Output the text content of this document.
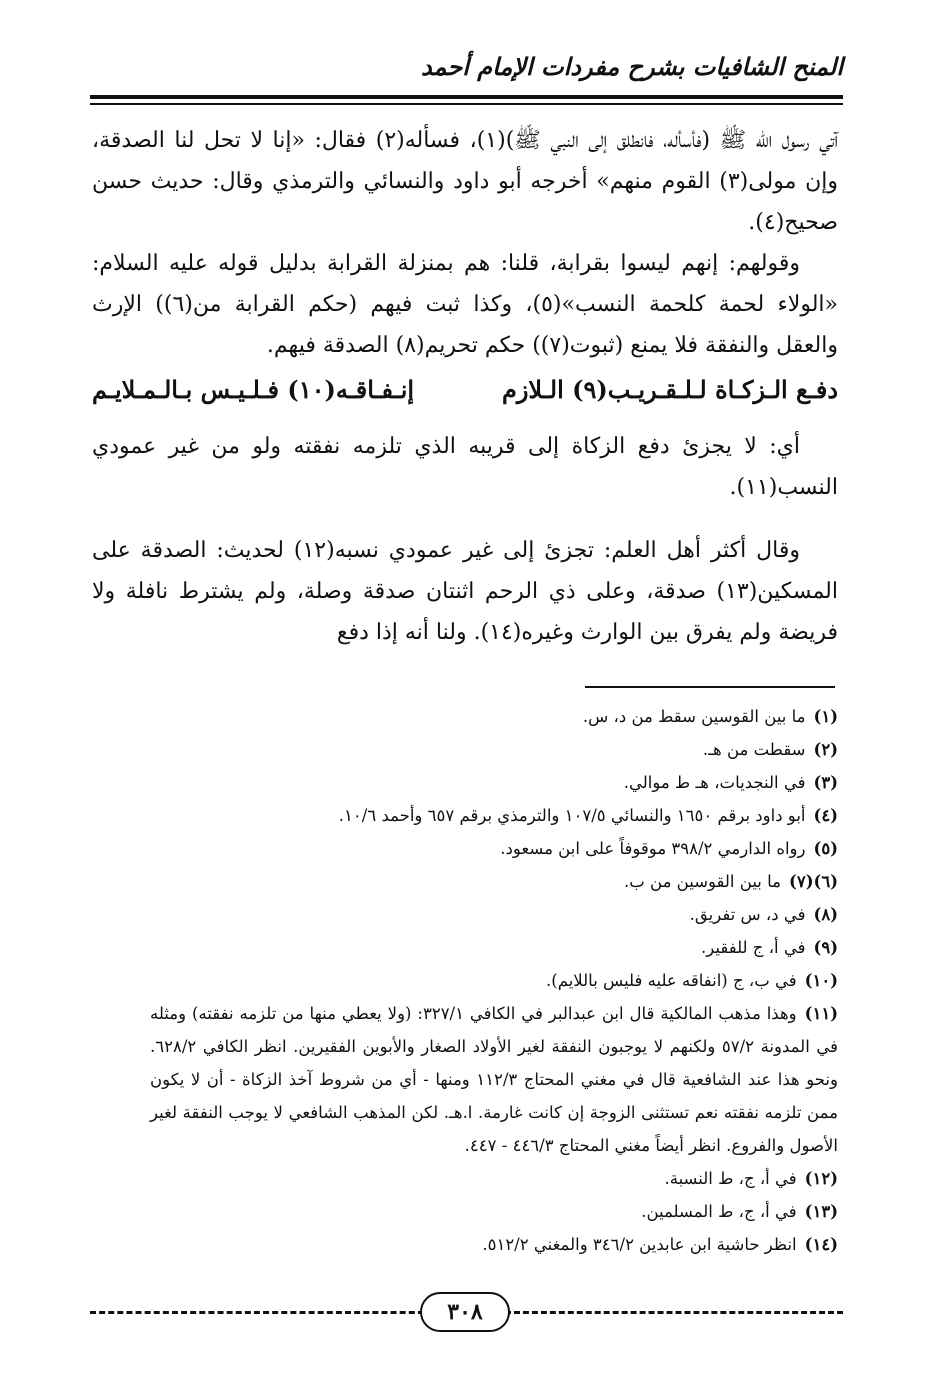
المنح الشافيات بشرح مفردات الإمام أحمد

آتي رسول الله ﷺ (فأسأله، فانطلق إلى النبي ﷺ)(١)، فسأله(٢) فقال: «إنا لا تحل لنا الصدقة، وإن مولى(٣) القوم منهم» أخرجه أبو داود والنسائي والترمذي وقال: حديث حسن صحيح(٤).

وقولهم: إنهم ليسوا بقرابة، قلنا: هم بمنزلة القرابة بدليل قوله عليه السلام: «الولاء لحمة كلحمة النسب»(٥)، وكذا ثبت فيهم (حكم القرابة من(٦)) الإرث والعقل والنفقة فلا يمنع (ثبوت(٧)) حكم تحريم(٨) الصدقة فيهم.

دفـع الـزكـاة لـلـقـريـب(٩) الـلازم
إنـفـاقـه(١٠) فـلـيـس بـالـمـلايـم

أي: لا يجزئ دفع الزكاة إلى قريبه الذي تلزمه نفقته ولو من غير عمودي النسب(١١).

وقال أكثر أهل العلم: تجزئ إلى غير عمودي نسبه(١٢) لحديث: الصدقة على المسكين(١٣) صدقة، وعلى ذي الرحم اثنتان صدقة وصلة، ولم يشترط نافلة ولا فريضة ولم يفرق بين الوارث وغيره(١٤). ولنا أنه إذا دفع

(١)ما بين القوسين سقط من د، س.

(٢)سقطت من هـ.

(٣)في النجديات، هـ ط موالي.

(٤)أبو داود برقم ١٦٥٠ والنسائي ١٠٧/٥ والترمذي برقم ٦٥٧ وأحمد ١٠/٦.

(٥)رواه الدارمي ٣٩٨/٢ موقوفاً على ابن مسعود.

(٦)(٧)ما بين القوسين من ب.

(٨)في د، س تفريق.

(٩)في أ، ج للفقير.

(١٠)في ب، ج (انفاقه عليه فليس باللايم).

(١١)وهذا مذهب المالكية قال ابن عبدالبر في الكافي ٣٢٧/١: (ولا يعطي منها من تلزمه نفقته) ومثله في المدونة ٥٧/٢ ولكنهم لا يوجبون النفقة لغير الأولاد الصغار والأبوين الفقيرين. انظر الكافي ٦٢٨/٢. ونحو هذا عند الشافعية قال في مغني المحتاج ١١٢/٣ ومنها - أي من شروط آخذ الزكاة - أن لا يكون ممن تلزمه نفقته نعم تستثنى الزوجة إن كانت غارمة. ا.هـ. لكن المذهب الشافعي لا يوجب النفقة لغير الأصول والفروع. انظر أيضاً مغني المحتاج ٤٤٦/٣ - ٤٤٧.

(١٢)في أ، ج، ط النسبة.

(١٣)في أ، ج، ط المسلمين.

(١٤)انظر حاشية ابن عابدين ٣٤٦/٢ والمغني ٥١٢/٢.

٣٠٨
